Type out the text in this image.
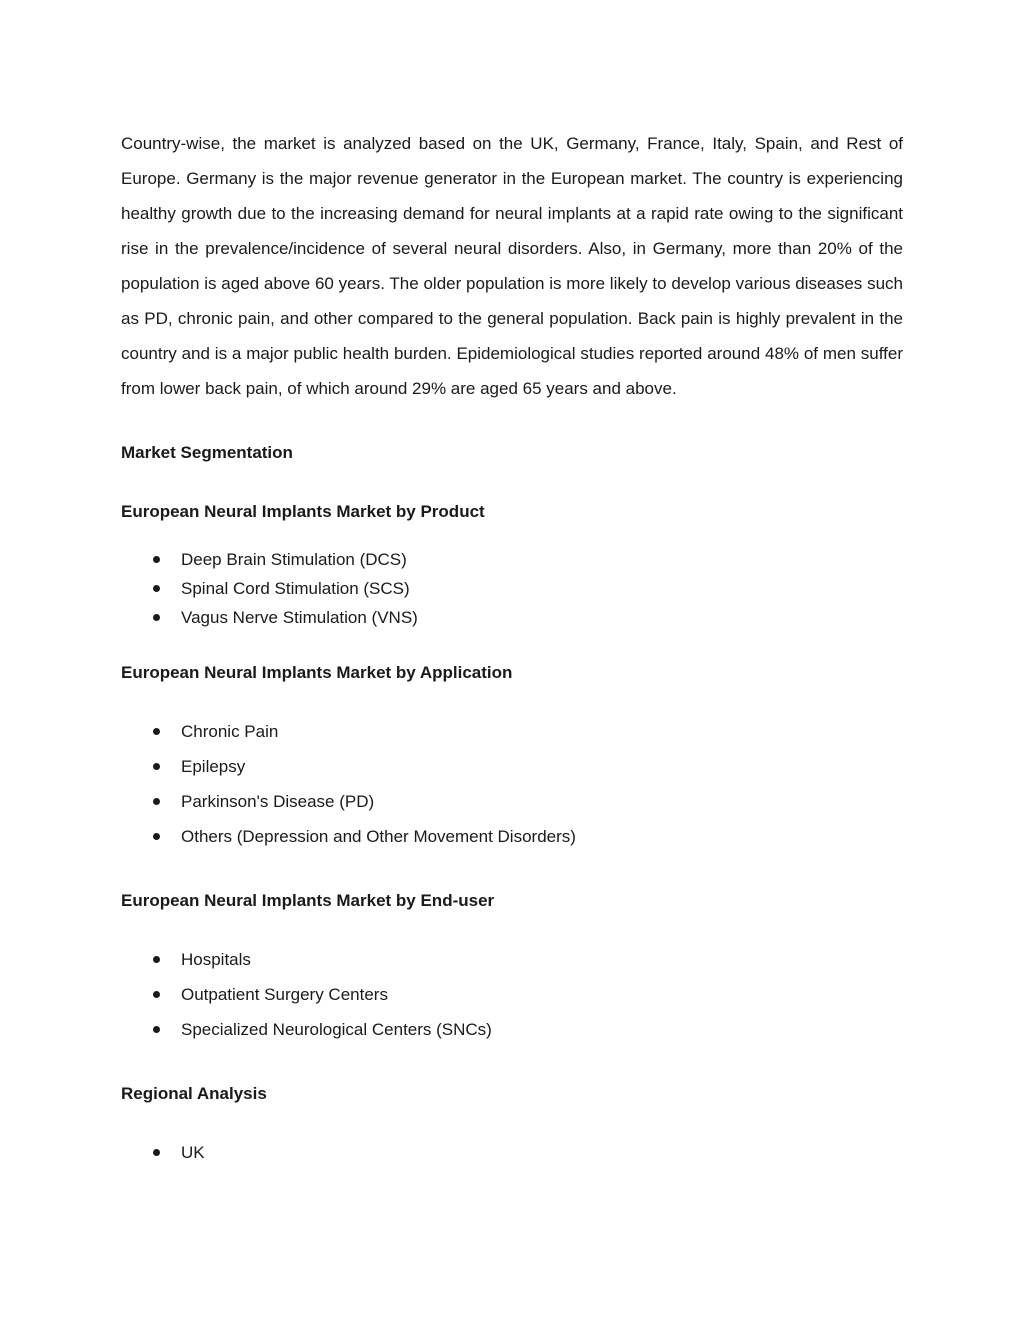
Country-wise, the market is analyzed based on the UK, Germany, France, Italy, Spain, and Rest of Europe. Germany is the major revenue generator in the European market. The country is experiencing healthy growth due to the increasing demand for neural implants at a rapid rate owing to the significant rise in the prevalence/incidence of several neural disorders. Also, in Germany, more than 20% of the population is aged above 60 years. The older population is more likely to develop various diseases such as PD, chronic pain, and other compared to the general population. Back pain is highly prevalent in the country and is a major public health burden. Epidemiological studies reported around 48% of men suffer from lower back pain, of which around 29% are aged 65 years and above.

Market Segmentation
European Neural Implants Market by Product
Deep Brain Stimulation (DCS)
Spinal Cord Stimulation (SCS)
Vagus Nerve Stimulation (VNS)
European Neural Implants Market by Application
Chronic Pain
Epilepsy
Parkinson's Disease (PD)
Others (Depression and Other Movement Disorders)
European Neural Implants Market by End-user
Hospitals
Outpatient Surgery Centers
Specialized Neurological Centers (SNCs)
Regional Analysis
UK
